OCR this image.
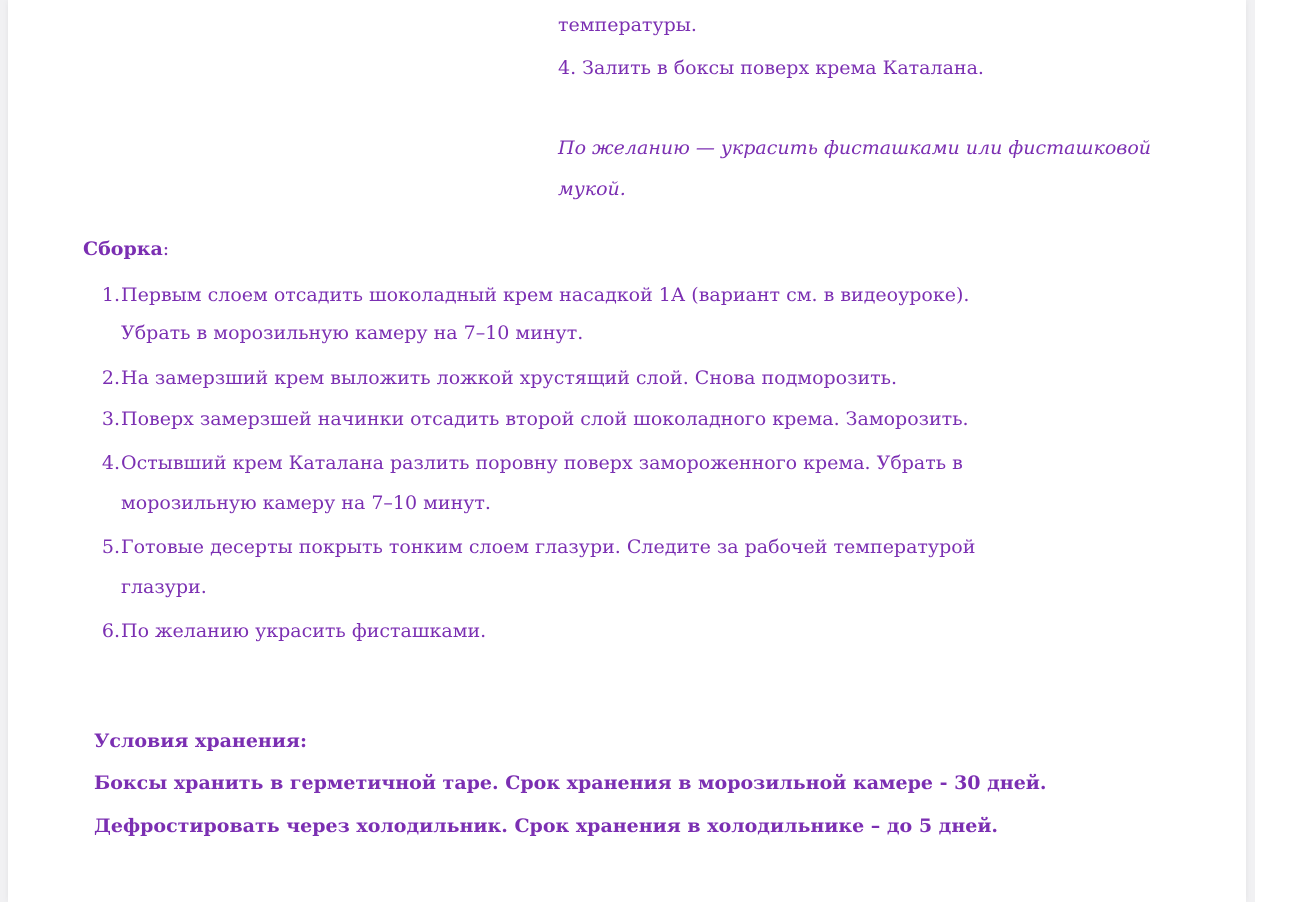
температуры.
4. Залить в боксы поверх крема Каталана.
По желанию — украсить фисташками или фисташковой
мукой.
Сборка:
1. Первым слоем отсадить шоколадный крем насадкой 1А (вариант см. в видеоуроке).
Убрать в морозильную камеру на 7–10 минут.
2. На замерзший крем выложить ложкой хрустящий слой. Снова подморозить.
3. Поверх замерзшей начинки отсадить второй слой шоколадного крема. Заморозить.
4. Остывший крем Каталана разлить поровну поверх замороженного крема. Убрать в
морозильную камеру на 7–10 минут.
5. Готовые десерты покрыть тонким слоем глазури. Следите за рабочей температурой
глазури.
6. По желанию украсить фисташками.
Условия хранения:
Боксы хранить в герметичной таре. Срок хранения в морозильной камере - 30 дней.
Дефростировать через холодильник. Срок хранения в холодильнике – до 5 дней.
